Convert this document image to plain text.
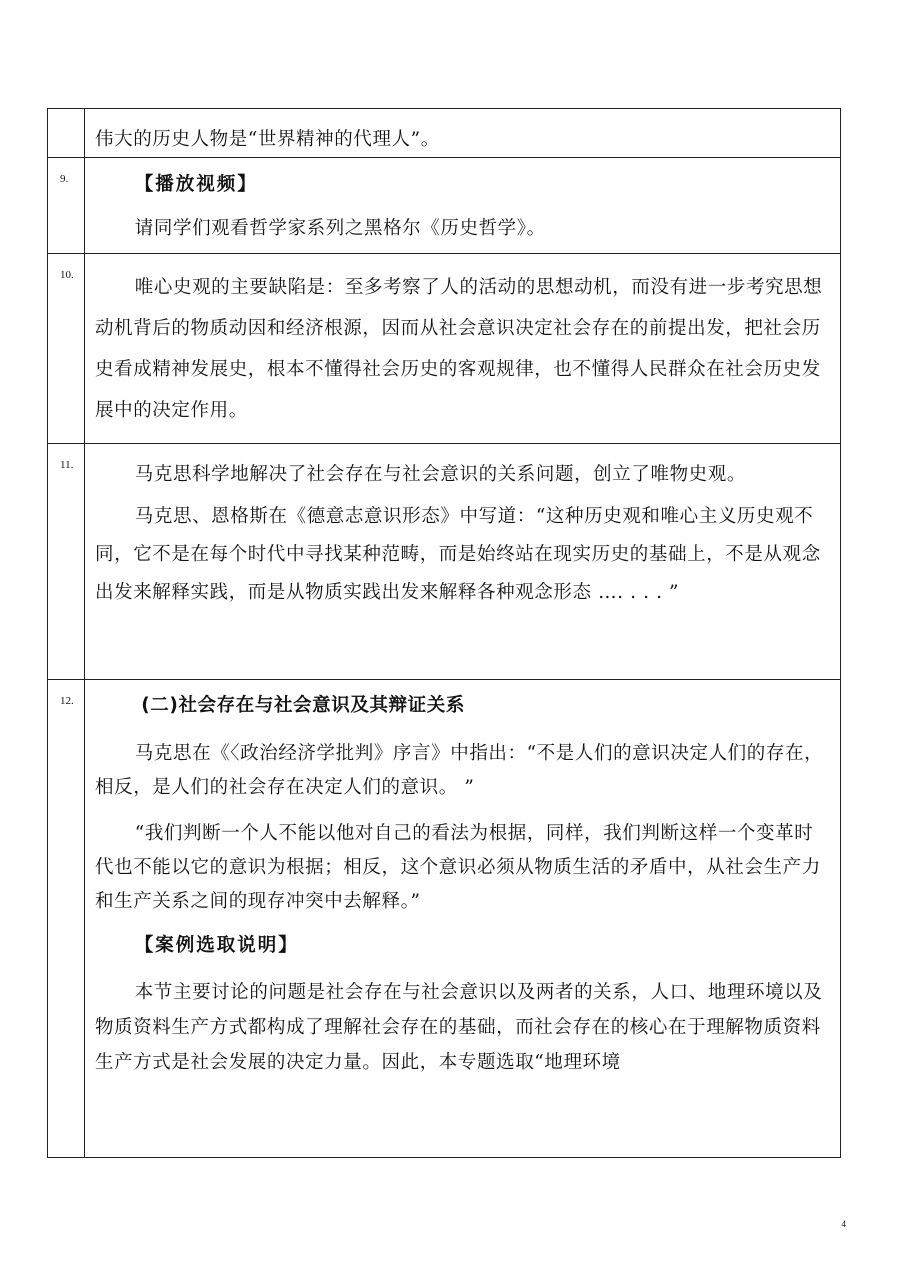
	伟大的历史人物是“世界精神的代理人”。

9.	【播放视频】

请同学们观看哲学家系列之黑格尔《历史哲学》。

10.	唯心史观的主要缺陷是：至多考察了人的活动的思想动机，而没有进一步考究思想动机背后的物质动因和经济根源，因而从社会意识决定社会存在的前提出发，把社会历史看成精神发展史，根本不懂得社会历史的客观规律，也不懂得人民群众在社会历史发展中的决定作用。

11.	马克思科学地解决了社会存在与社会意识的关系问题，创立了唯物史观。

马克思、恩格斯在《德意志意识形态》中写道：“这种历史观和唯心主义历史观不同，它不是在每个时代中寻找某种范畴，而是始终站在现实历史的基础上，不是从观念出发来解释实践，而是从物质实践出发来解释各种观念形态 …. . . . ”

12.	(二)社会存在与社会意识及其辩证关系

马克思在《〈政治经济学批判》序言》中指出：“不是人们的意识决定人们的存在，相反，是人们的社会存在决定人们的意识。 ”

“我们判断一个人不能以他对自己的看法为根据，同样，我们判断这样一个变革时代也不能以它的意识为根据；相反，这个意识必须从物质生活的矛盾中，从社会生产力和生产关系之间的现存冲突中去解释。”

【案例选取说明】

本节主要讨论的问题是社会存在与社会意识以及两者的关系，人口、地理环境以及物质资料生产方式都构成了理解社会存在的基础，而社会存在的核心在于理解物质资料生产方式是社会发展的决定力量。因此，本专题选取“地理环境

4
